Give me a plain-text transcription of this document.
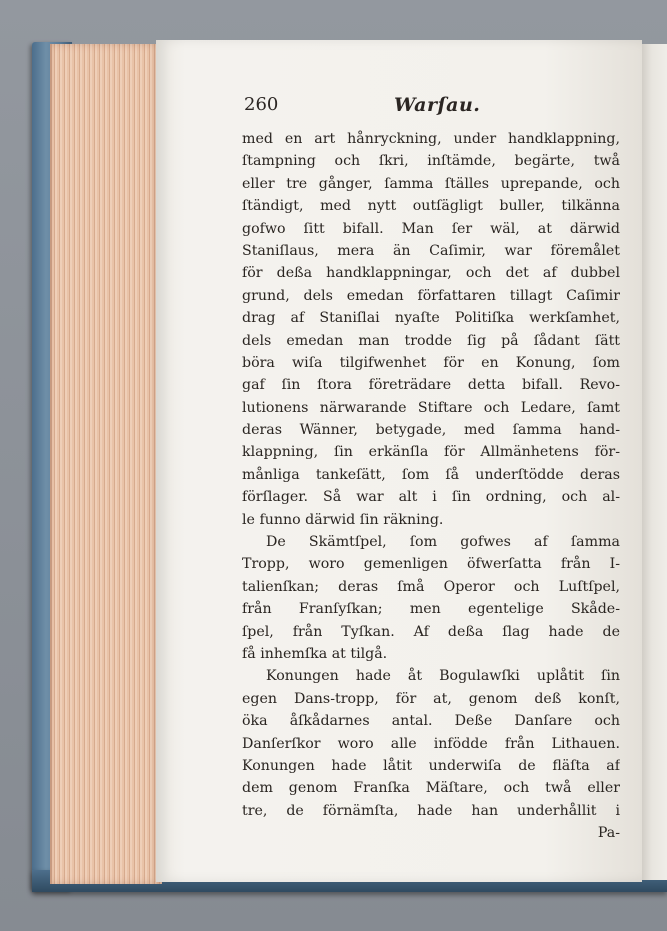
260	Warſau.
med en art hånryckning, under handklappning,
ſtampning och ſkri, inſtämde, begärte, twå
eller tre gånger, ſamma ſtälles uprepande, och
ſtändigt, med nytt outſägligt buller, tilkänna
gofwo ſitt bifall. Man ſer wäl, at därwid
Staniſlaus, mera än Caſimir, war föremålet
för deßa handklappningar, och det af dubbel
grund, dels emedan författaren tillagt Caſimir
drag af Staniſlai nyaſte Politiſka werkſamhet,
dels emedan man trodde ſig på ſådant ſätt
böra wiſa tilgifwenhet för en Konung, ſom
gaf ſin ſtora företrädare detta bifall. Revo-
lutionens närwarande Stiftare och Ledare, ſamt
deras Wänner, betygade, med ſamma hand-
klappning, ſin erkänſla för Allmänhetens för-
månliga tankeſätt, ſom ſå underſtödde deras
förſlager. Så war alt i ſin ordning, och al-
le funno därwid ſin räkning.
De Skämtſpel, ſom gofwes af ſamma
Tropp, woro gemenligen öfwerſatta från I-
talienſkan; deras ſmå Operor och Luſtſpel,
från Franſyſkan; men egentelige Skåde-
ſpel, från Tyſkan. Af deßa ſlag hade de
få inhemſka at tilgå.
Konungen hade åt Bogulawſki uplåtit ſin
egen Dans-tropp, för at, genom deß konſt,
öka åſkådarnes antal. Deße Danſare och
Danſerſkor woro alle infödde från Lithauen.
Konungen hade låtit underwiſa de fläſta af
dem genom Franſka Mäſtare, och twå eller
tre, de förnämſta, hade han underhållit i
Pa-
